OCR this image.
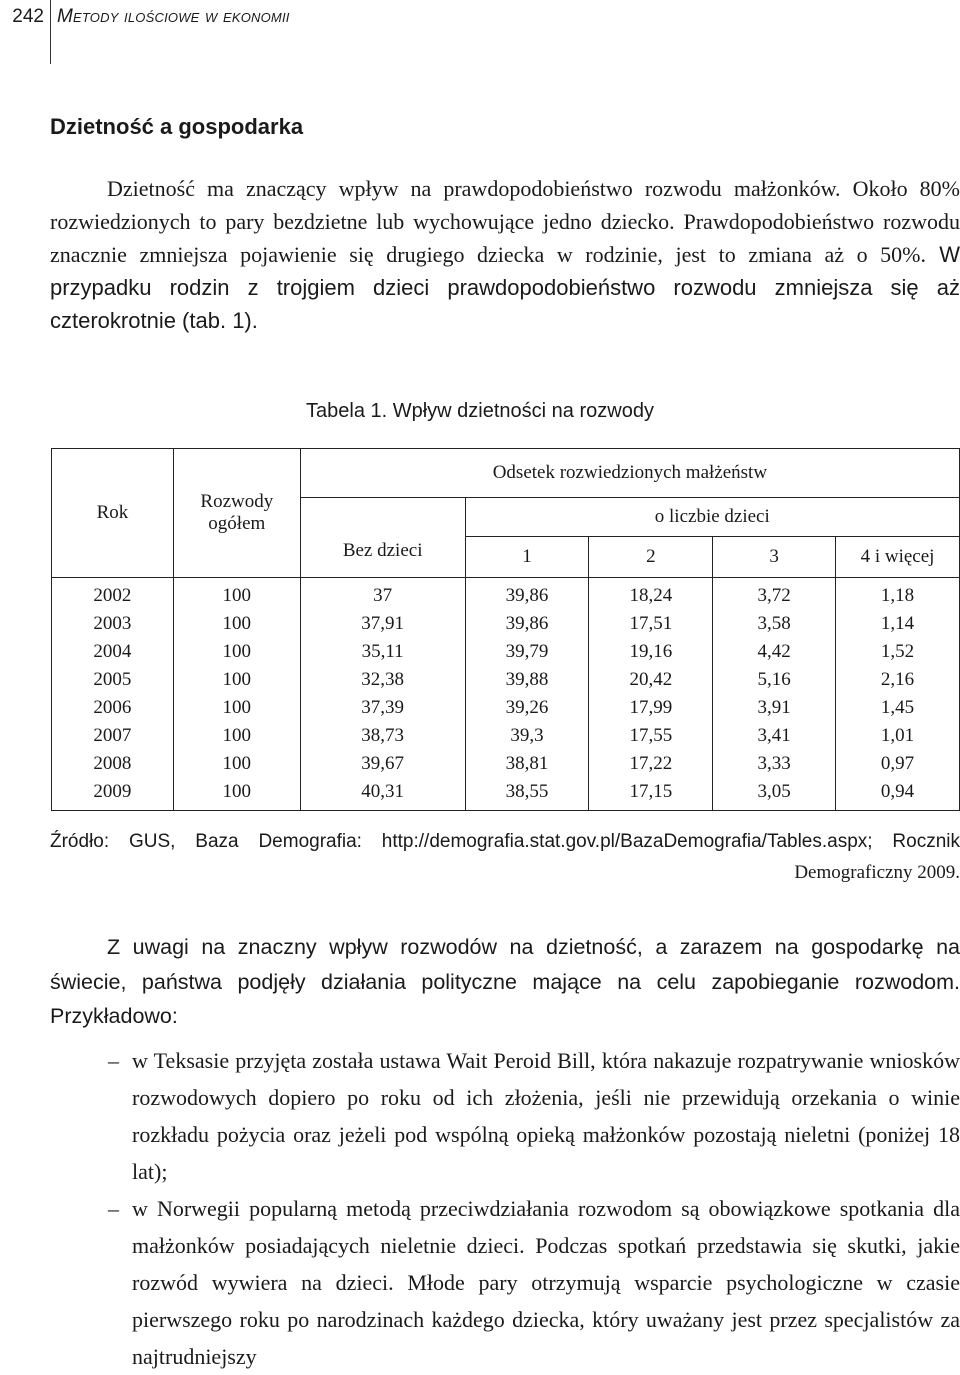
242 Metody ilościowe w ekonomii
Dzietność a gospodarka
Dzietność ma znaczący wpływ na prawdopodobieństwo rozwodu małżonków. Około 80% rozwiedzionych to pary bezdzietne lub wychowujące jedno dziecko. Prawdopodobieństwo rozwodu znacznie zmniejsza pojawienie się drugiego dziecka w rodzinie, jest to zmiana aż o 50%. W przypadku rodzin z trojgiem dzieci prawdopodobieństwo rozwodu zmniejsza się aż czterokrotnie (tab. 1).
Tabela 1. Wpływ dzietności na rozwody
Rok	Rozwody ogółem	Odsetek rozwiedzionych małżeństw				
		Bez dzieci	o liczbie dzieci			
			1	2	3	4 i więcej
2002	100	37	39,86	18,24	3,72	1,18
2003	100	37,91	39,86	17,51	3,58	1,14
2004	100	35,11	39,79	19,16	4,42	1,52
2005	100	32,38	39,88	20,42	5,16	2,16
2006	100	37,39	39,26	17,99	3,91	1,45
2007	100	38,73	39,3	17,55	3,41	1,01
2008	100	39,67	38,81	17,22	3,33	0,97
2009	100	40,31	38,55	17,15	3,05	0,94
Źródło: GUS, Baza Demografia: http://demografia.stat.gov.pl/BazaDemografia/Tables.aspx; Rocznik
Demograficzny 2009.
Z uwagi na znaczny wpływ rozwodów na dzietność, a zarazem na gospodarkę na świecie, państwa podjęły działania polityczne mające na celu zapobieganie rozwodom. Przykładowo:
– w Teksasie przyjęta została ustawa Wait Peroid Bill, która nakazuje rozpatrywanie wniosków rozwodowych dopiero po roku od ich złożenia, jeśli nie przewidują orzekania o winie rozkładu pożycia oraz jeżeli pod wspólną opieką małżonków pozostają nieletni (poniżej 18 lat);
– w Norwegii popularną metodą przeciwdziałania rozwodom są obowiązkowe spotkania dla małżonków posiadających nieletnie dzieci. Podczas spotkań przedstawia się skutki, jakie rozwód wywiera na dzieci. Młode pary otrzymują wsparcie psychologiczne w czasie pierwszego roku po narodzinach każdego dziecka, który uważany jest przez specjalistów za najtrudniejszy
